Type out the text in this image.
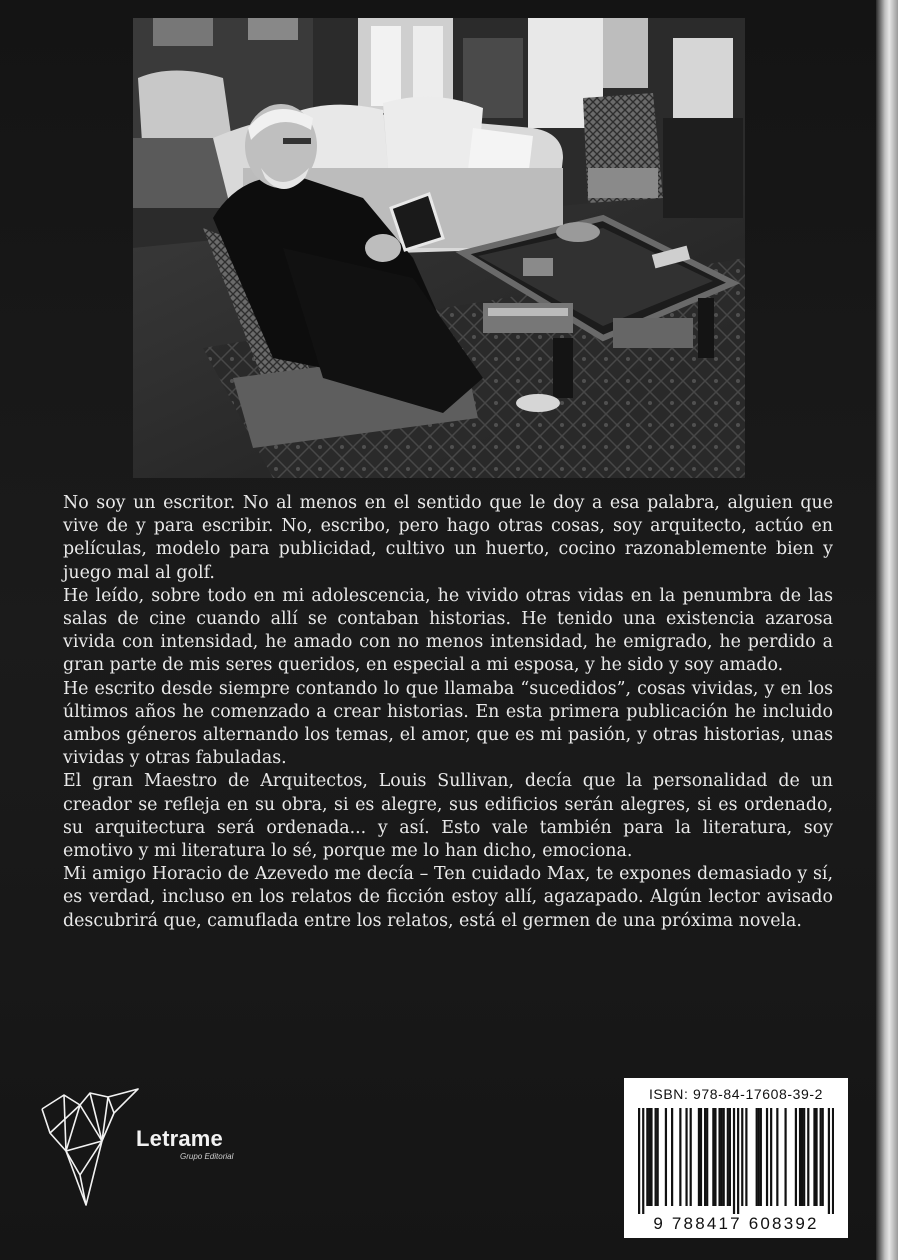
No soy un escritor. No al menos en el sentido que le doy a esa palabra, alguien que vive de y para escribir. No, escribo, pero hago otras cosas, soy arquitecto, actúo en películas, modelo para publicidad, cultivo un huerto, cocino razonablemente bien y juego mal al golf.

He leído, sobre todo en mi adolescencia, he vivido otras vidas en la penumbra de las salas de cine cuando allí se contaban historias. He tenido una existencia azarosa vivida con intensidad, he amado con no menos intensidad, he emigrado, he perdido a gran parte de mis seres queridos, en especial a mi esposa, y he sido y soy amado.

He escrito desde siempre contando lo que llamaba “sucedidos”, cosas vividas, y en los últimos años he comenzado a crear historias. En esta primera publicación he incluido ambos géneros alternando los temas, el amor, que es mi pasión, y otras historias, unas vividas y otras fabuladas.

El gran Maestro de Arquitectos, Louis Sullivan, decía que la personalidad de un creador se refleja en su obra, si es alegre, sus edificios serán alegres, si es ordenado, su arquitectura será ordenada... y así. Esto vale también para la literatura, soy emotivo y mi literatura lo sé, porque me lo han dicho, emociona.

Mi amigo Horacio de Azevedo me decía – Ten cuidado Max, te expones demasiado y sí, es verdad, incluso en los relatos de ficción estoy allí, agazapado. Algún lector avisado descubrirá que, camuflada entre los relatos, está el germen de una próxima novela.

Letrame
Grupo Editorial
ISBN: 978-84-17608-39-2
9 788417 608392
